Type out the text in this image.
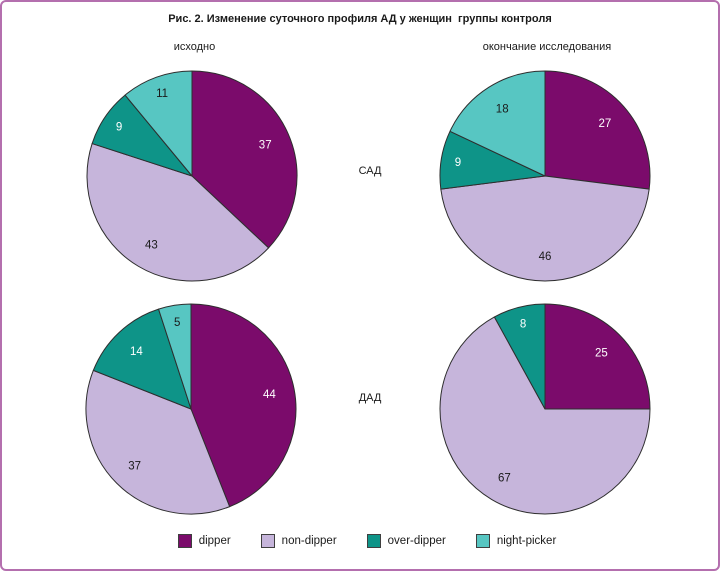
Рис. 2. Изменение суточного профиля АД у женщин  группы контроля
исходно	окончание исследования
САД
ДАД
37
43
9
11
27
46
9
18
44
37
14
5
25
67
8
dipper	non-dipper	over-dipper	night-picker
